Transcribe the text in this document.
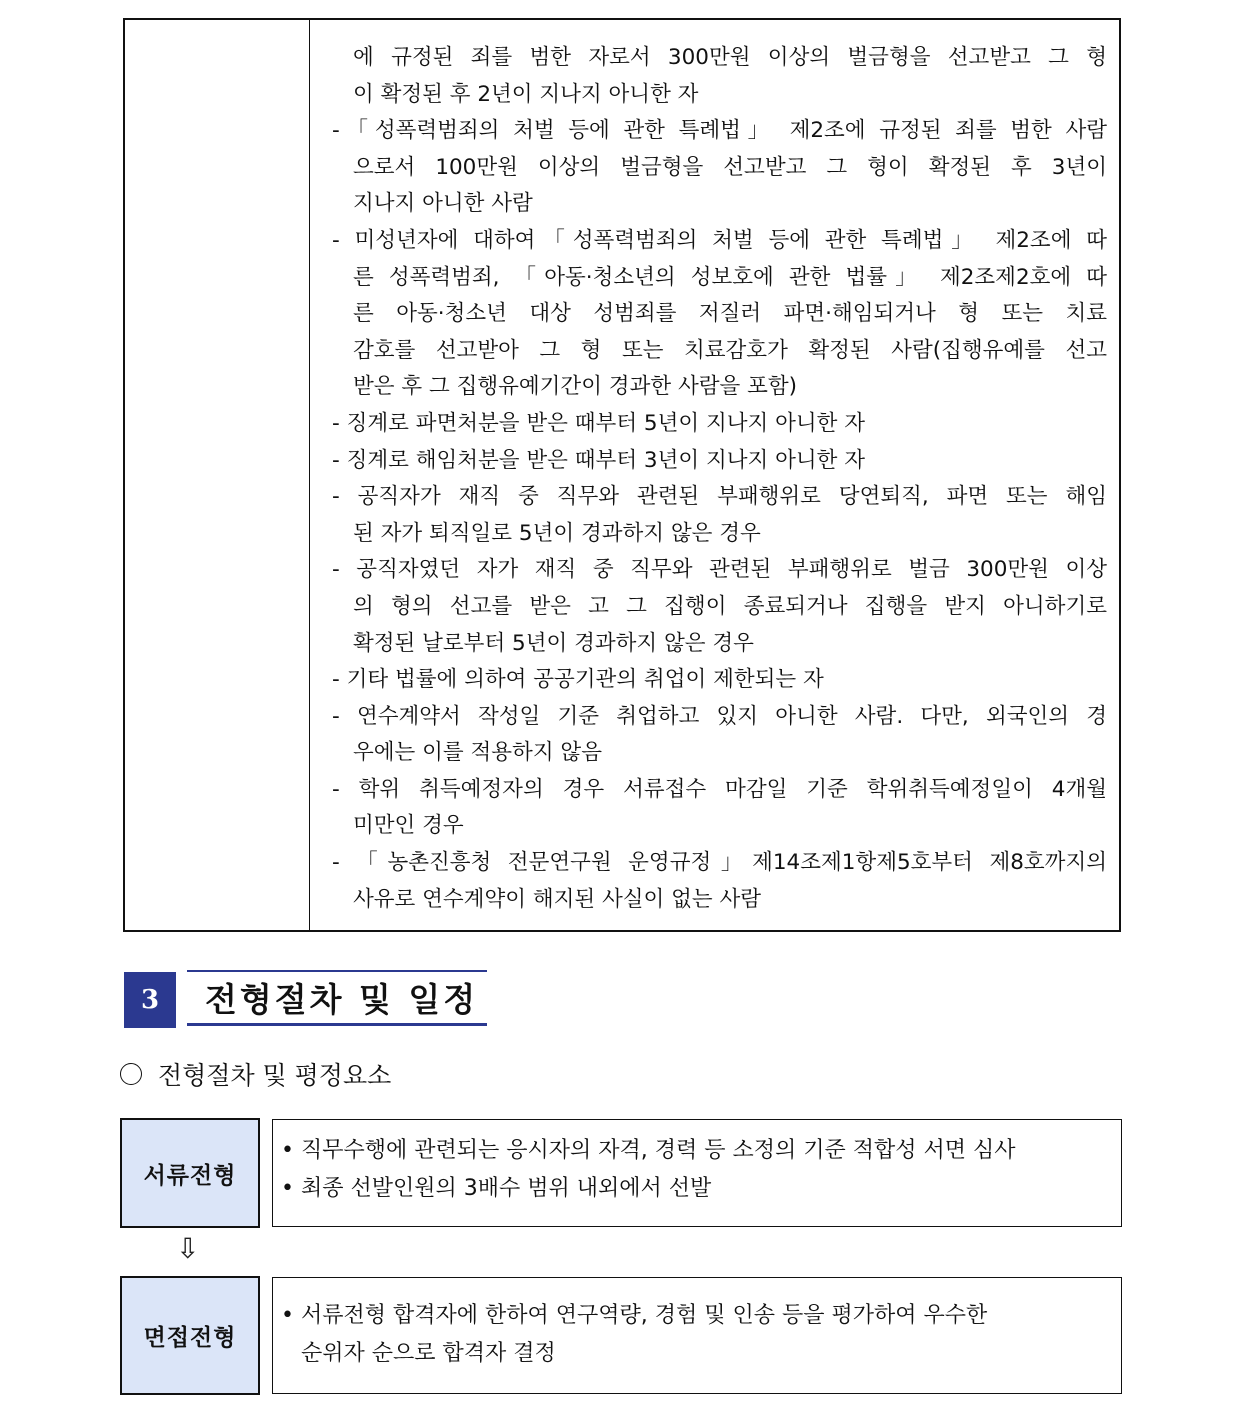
에 규정된 죄를 범한 자로서 300만원 이상의 벌금형을 선고받고 그 형
이 확정된 후 2년이 지나지 아니한 자
-「성폭력범죄의 처벌 등에 관한 특례법」 제2조에 규정된 죄를 범한 사람
으로서 100만원 이상의 벌금형을 선고받고 그 형이 확정된 후 3년이
지나지 아니한 사람
- 미성년자에 대하여「성폭력범죄의 처벌 등에 관한 특례법」 제2조에 따
른 성폭력범죄, 「아동·청소년의 성보호에 관한 법률」 제2조제2호에 따
른 아동·청소년 대상 성범죄를 저질러 파면·해임되거나 형 또는 치료
감호를 선고받아 그 형 또는 치료감호가 확정된 사람(집행유예를 선고
받은 후 그 집행유예기간이 경과한 사람을 포함)
- 징계로 파면처분을 받은 때부터 5년이 지나지 아니한 자
- 징계로 해임처분을 받은 때부터 3년이 지나지 아니한 자
- 공직자가 재직 중 직무와 관련된 부패행위로 당연퇴직, 파면 또는 해임
된 자가 퇴직일로 5년이 경과하지 않은 경우
- 공직자였던 자가 재직 중 직무와 관련된 부패행위로 벌금 300만원 이상
의 형의 선고를 받은 고 그 집행이 종료되거나 집행을 받지 아니하기로
확정된 날로부터 5년이 경과하지 않은 경우
- 기타 법률에 의하여 공공기관의 취업이 제한되는 자
- 연수계약서 작성일 기준 취업하고 있지 아니한 사람. 다만, 외국인의 경
우에는 이를 적용하지 않음
- 학위 취득예정자의 경우 서류접수 마감일 기준 학위취득예정일이 4개월
미만인 경우
- 「농촌진흥청 전문연구원 운영규정」제14조제1항제5호부터 제8호까지의
사유로 연수계약이 해지된 사실이 없는 사람
3	전형절차 및 일정
전형절차 및 평정요소
서류전형
• 직무수행에 관련되는 응시자의 자격, 경력 등 소정의 기준 적합성 서면 심사
• 최종 선발인원의 3배수 범위 내외에서 선발
⇩
면접전형
• 서류전형 합격자에 한하여 연구역량, 경험 및 인송 등을 평가하여 우수한
순위자 순으로 합격자 결정
